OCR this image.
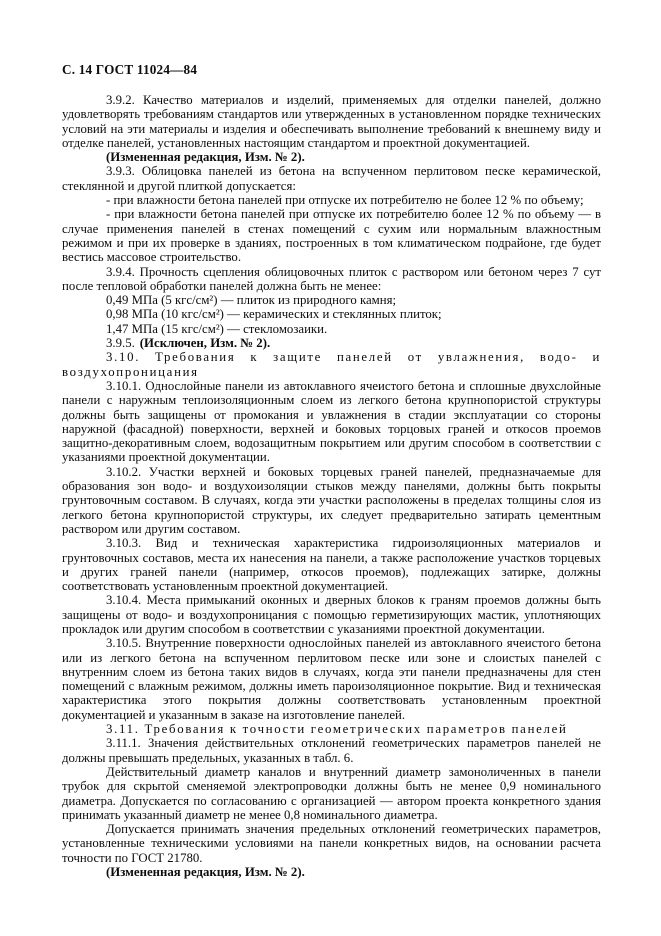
С. 14 ГОСТ 11024—84

3.9.2. Качество материалов и изделий, применяемых для отделки панелей, должно удовлетворять требованиям стандартов или утвержденных в установленном порядке технических условий на эти материалы и изделия и обеспечивать выполнение требований к внешнему виду и отделке панелей, установленных настоящим стандартом и проектной документацией.

(Измененная редакция, Изм. № 2).

3.9.3. Облицовка панелей из бетона на вспученном перлитовом песке керамической, стеклянной и другой плиткой допускается:

- при влажности бетона панелей при отпуске их потребителю не более 12 % по объему;

- при влажности бетона панелей при отпуске их потребителю более 12 % по объему — в случае применения панелей в стенах помещений с сухим или нормальным влажностным режимом и при их проверке в зданиях, построенных в том климатическом подрайоне, где будет вестись массовое строительство.

3.9.4. Прочность сцепления облицовочных плиток с раствором или бетоном через 7 сут после тепловой обработки панелей должна быть не менее:

0,49 МПа (5 кгс/см²) — плиток из природного камня;

0,98 МПа (10 кгс/см²) — керамических и стеклянных плиток;

1,47 МПа (15 кгс/см²) — стекломозаики.

3.9.5. (Исключен, Изм. № 2).

3.10. Требования к защите панелей от увлажнения, водо- и воздухопроницания

3.10.1. Однослойные панели из автоклавного ячеистого бетона и сплошные двухслойные панели с наружным теплоизоляционным слоем из легкого бетона крупнопористой структуры должны быть защищены от промокания и увлажнения в стадии эксплуатации со стороны наружной (фасадной) поверхности, верхней и боковых торцовых граней и откосов проемов защитно-декоративным слоем, водозащитным покрытием или другим способом в соответствии с указаниями проектной документации.

3.10.2. Участки верхней и боковых торцевых граней панелей, предназначаемые для образования зон водо- и воздухоизоляции стыков между панелями, должны быть покрыты грунтовочным составом. В случаях, когда эти участки расположены в пределах толщины слоя из легкого бетона крупнопористой структуры, их следует предварительно затирать цементным раствором или другим составом.

3.10.3. Вид и техническая характеристика гидроизоляционных материалов и грунтовочных составов, места их нанесения на панели, а также расположение участков торцевых и других граней панели (например, откосов проемов), подлежащих затирке, должны соответствовать установленным проектной документацией.

3.10.4. Места примыканий оконных и дверных блоков к граням проемов должны быть защищены от водо- и воздухопроницания с помощью герметизирующих мастик, уплотняющих прокладок или другим способом в соответствии с указаниями проектной документации.

3.10.5. Внутренние поверхности однослойных панелей из автоклавного ячеистого бетона или из легкого бетона на вспученном перлитовом песке или зоне и слоистых панелей с внутренним слоем из бетона таких видов в случаях, когда эти панели предназначены для стен помещений с влажным режимом, должны иметь пароизоляционное покрытие. Вид и техническая характеристика этого покрытия должны соответствовать установленным проектной документацией и указанным в заказе на изготовление панелей.

3.11. Требования к точности геометрических параметров панелей

3.11.1. Значения действительных отклонений геометрических параметров панелей не должны превышать предельных, указанных в табл. 6.

Действительный диаметр каналов и внутренний диаметр замоноличенных в панели трубок для скрытой сменяемой электропроводки должны быть не менее 0,9 номинального диаметра. Допускается по согласованию с организацией — автором проекта конкретного здания принимать указанный диаметр не менее 0,8 номинального диаметра.

Допускается принимать значения предельных отклонений геометрических параметров, установленные техническими условиями на панели конкретных видов, на основании расчета точности по ГОСТ 21780.

(Измененная редакция, Изм. № 2).
